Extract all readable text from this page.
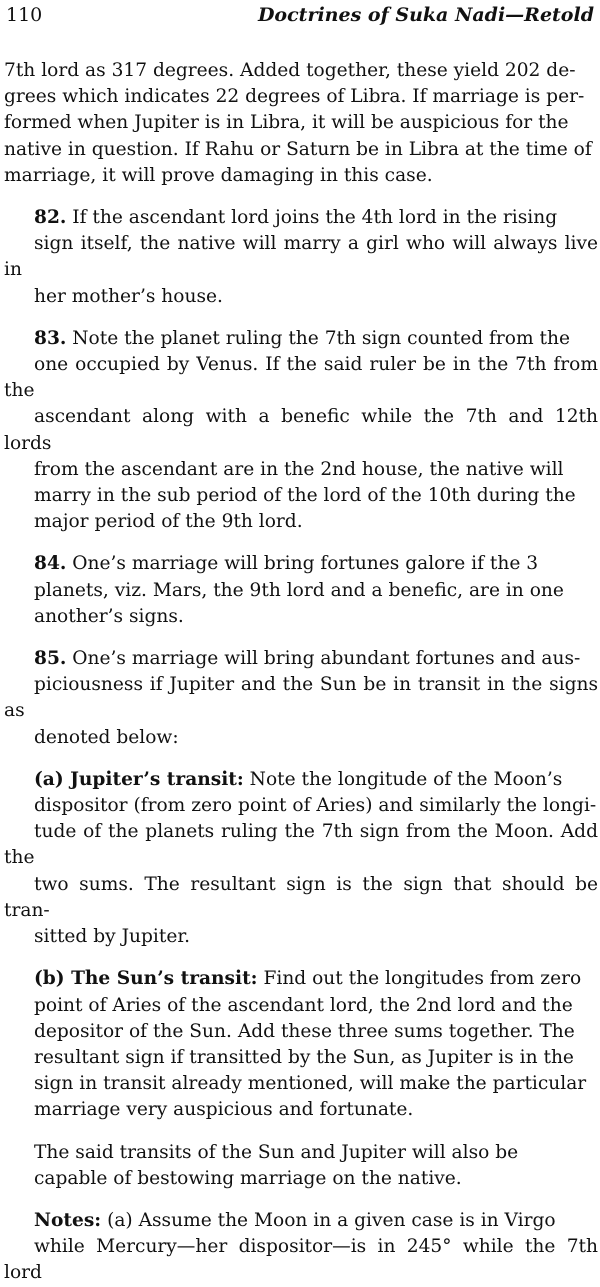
110	Doctrines of Suka Nadi—Retold

7th lord as 317 degrees. Added together, these yield 202 de-
grees which indicates 22 degrees of Libra. If marriage is per-
formed when Jupiter is in Libra, it will be auspicious for the
native in question. If Rahu or Saturn be in Libra at the time of
marriage, it will prove damaging in this case.

82. If the ascendant lord joins the 4th lord in the rising
sign itself, the native will marry a girl who will always live in
her mother’s house.

83. Note the planet ruling the 7th sign counted from the
one occupied by Venus. If the said ruler be in the 7th from the
ascendant along with a benefic while the 7th and 12th lords
from the ascendant are in the 2nd house, the native will
marry in the sub period of the lord of the 10th during the
major period of the 9th lord.

84. One’s marriage will bring fortunes galore if the 3
planets, viz. Mars, the 9th lord and a benefic, are in one
another’s signs.

85. One’s marriage will bring abundant fortunes and aus-
piciousness if Jupiter and the Sun be in transit in the signs as
denoted below:

(a) Jupiter’s transit: Note the longitude of the Moon’s
dispositor (from zero point of Aries) and similarly the longi-
tude of the planets ruling the 7th sign from the Moon. Add the
two sums. The resultant sign is the sign that should be tran-
sitted by Jupiter.

(b) The Sun’s transit: Find out the longitudes from zero
point of Aries of the ascendant lord, the 2nd lord and the
depositor of the Sun. Add these three sums together. The
resultant sign if transitted by the Sun, as Jupiter is in the
sign in transit already mentioned, will make the particular
marriage very auspicious and fortunate.

The said transits of the Sun and Jupiter will also be
capable of bestowing marriage on the native.

Notes: (a) Assume the Moon in a given case is in Virgo
while Mercury—her dispositor—is in 245° while the 7th lord
